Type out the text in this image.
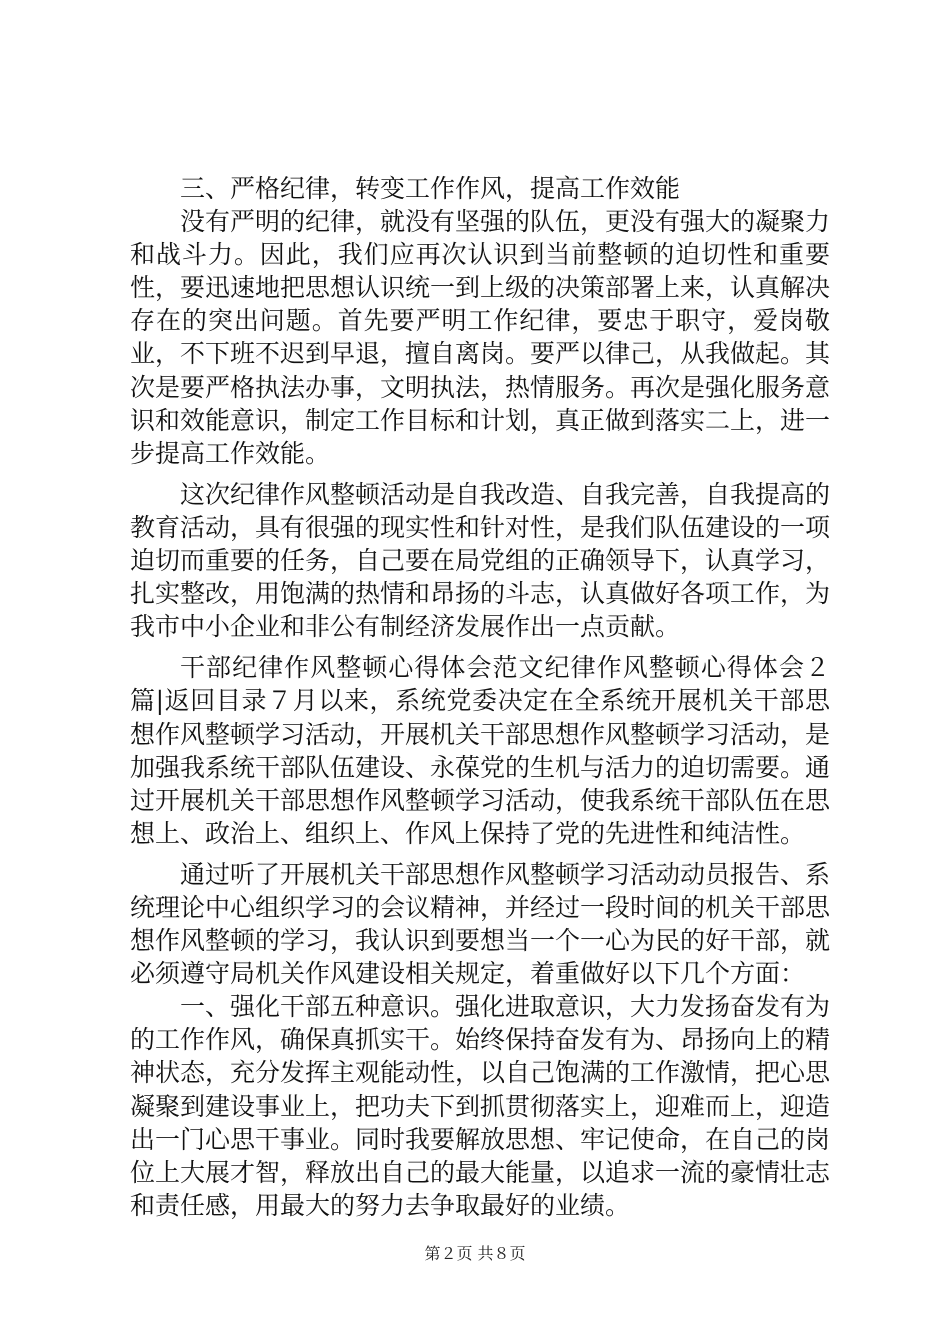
三、严格纪律，转变工作作风，提高工作效能

没有严明的纪律，就没有坚强的队伍，更没有强大的凝聚力和战斗力。因此，我们应再次认识到当前整顿的迫切性和重要性，要迅速地把思想认识统一到上级的决策部署上来，认真解决存在的突出问题。首先要严明工作纪律，要忠于职守，爱岗敬业，不下班不迟到早退，擅自离岗。要严以律己，从我做起。其次是要严格执法办事，文明执法，热情服务。再次是强化服务意识和效能意识，制定工作目标和计划，真正做到落实二上，进一步提高工作效能。

这次纪律作风整顿活动是自我改造、自我完善，自我提高的教育活动，具有很强的现实性和针对性，是我们队伍建设的一项迫切而重要的任务，自己要在局党组的正确领导下，认真学习，扎实整改，用饱满的热情和昂扬的斗志，认真做好各项工作，为我市中小企业和非公有制经济发展作出一点贡献。

干部纪律作风整顿心得体会范文纪律作风整顿心得体会２篇|返回目录７月以来，系统党委决定在全系统开展机关干部思想作风整顿学习活动，开展机关干部思想作风整顿学习活动，是加强我系统干部队伍建设、永葆党的生机与活力的迫切需要。通过开展机关干部思想作风整顿学习活动，使我系统干部队伍在思想上、政治上、组织上、作风上保持了党的先进性和纯洁性。

通过听了开展机关干部思想作风整顿学习活动动员报告、系统理论中心组织学习的会议精神，并经过一段时间的机关干部思想作风整顿的学习，我认识到要想当一个一心为民的好干部，就必须遵守局机关作风建设相关规定，着重做好以下几个方面：

一、强化干部五种意识。强化进取意识，大力发扬奋发有为的工作作风，确保真抓实干。始终保持奋发有为、昂扬向上的精神状态，充分发挥主观能动性，以自己饱满的工作激情，把心思凝聚到建设事业上，把功夫下到抓贯彻落实上，迎难而上，迎造出一门心思干事业。同时我要解放思想、牢记使命，在自己的岗位上大展才智，释放出自己的最大能量，以追求一流的豪情壮志和责任感，用最大的努力去争取最好的业绩。

第２页 共８页
